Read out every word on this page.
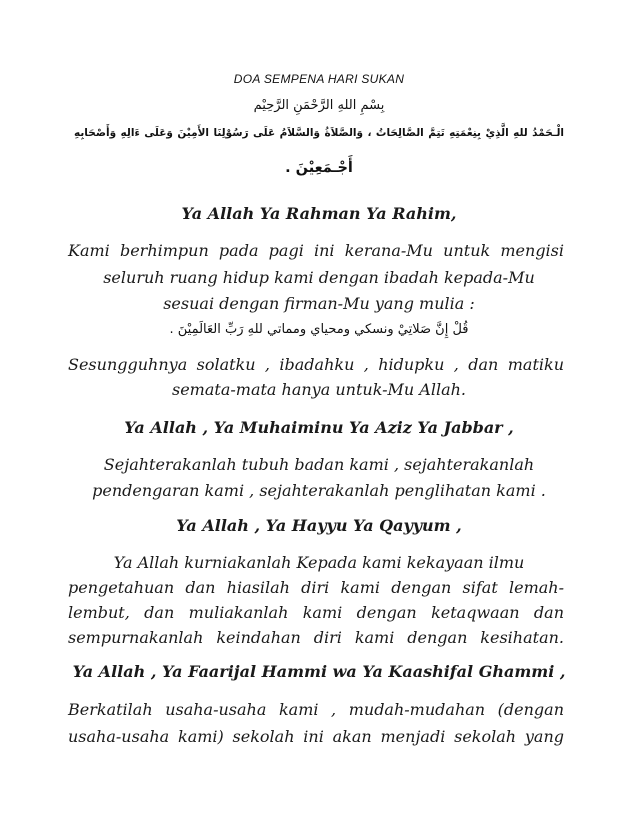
DOA SEMPENA HARI SUKAN
بِسْمِ اللهِ الرَّحْمَنِ الرَّحِيْم
الْـحَمْدُ للهِ الَّذِيْ بِنِعْمَتِهِ تَتِمَّ الصَّالِحَاتُ ، وَالصَّلاَةُ وَالسَّلاَمُ عَلَى رَسُوْلِنَا الأَمِيْنَ وَعَلَى ءَالِهِ وَأَصْحَابِهِ
أَجْـمَعِيْنَ .
Ya Allah Ya Rahman Ya Rahim,
Kami berhimpun pada pagi ini kerana-Mu untuk mengisi
seluruh ruang hidup kami dengan ibadah kepada-Mu
sesuai dengan firman-Mu yang mulia :
قُلْ إِنَّ صَلاتِيْ ونسكي ومحياي ومماتي للهِ رَبِّ العَالَمِيْنَ .
Sesungguhnya solatku , ibadahku , hidupku , dan matiku
semata-mata hanya untuk-Mu Allah.
Ya Allah , Ya Muhaiminu Ya Aziz Ya Jabbar ,
Sejahterakanlah tubuh badan kami , sejahterakanlah
pendengaran kami , sejahterakanlah penglihatan kami .
Ya Allah , Ya Hayyu Ya Qayyum ,
Ya Allah kurniakanlah Kepada kami kekayaan ilmu
pengetahuan dan hiasilah diri kami dengan sifat lemah-
lembut, dan muliakanlah kami dengan ketaqwaan dan
sempurnakanlah keindahan diri kami dengan kesihatan.
Ya Allah , Ya Faarijal Hammi wa Ya Kaashifal Ghammi ,
Berkatilah usaha-usaha kami , mudah-mudahan (dengan
usaha-usaha kami) sekolah ini akan menjadi sekolah yang
